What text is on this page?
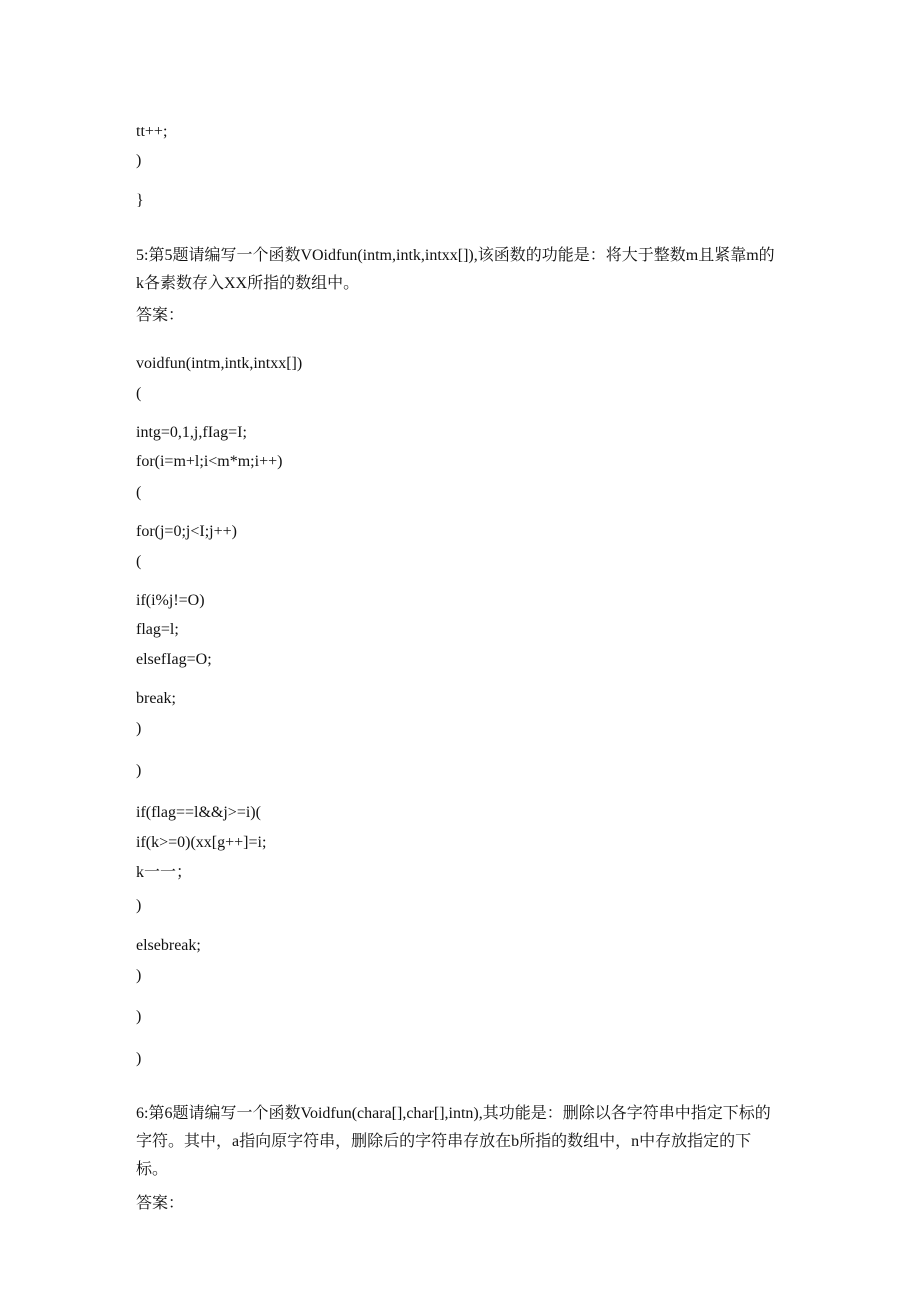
tt++;
)
}
5:第5题请编写一个函数VOidfun(intm,intk,intxx[]),该函数的功能是：将大于整数m且紧靠m的k各素数存入XX所指的数组中。
答案：
voidfun(intm,intk,intxx[])
(
intg=0,1,j,fIag=I;
for(i=m+l;i<m*m;i++)
(
for(j=0;j<I;j++)
(
if(i%j!=O)
flag=l;
elsefIag=O;
break;
)
)
if(flag==l&&j>=i)(
if(k>=0)(xx[g++]=i;
k一一；
)
elsebreak;
)
)
)
6:第6题请编写一个函数Voidfun(chara[],char[],intn),其功能是：删除以各字符串中指定下标的字符。其中，a指向原字符串，删除后的字符串存放在b所指的数组中，n中存放指定的下标。
答案：
